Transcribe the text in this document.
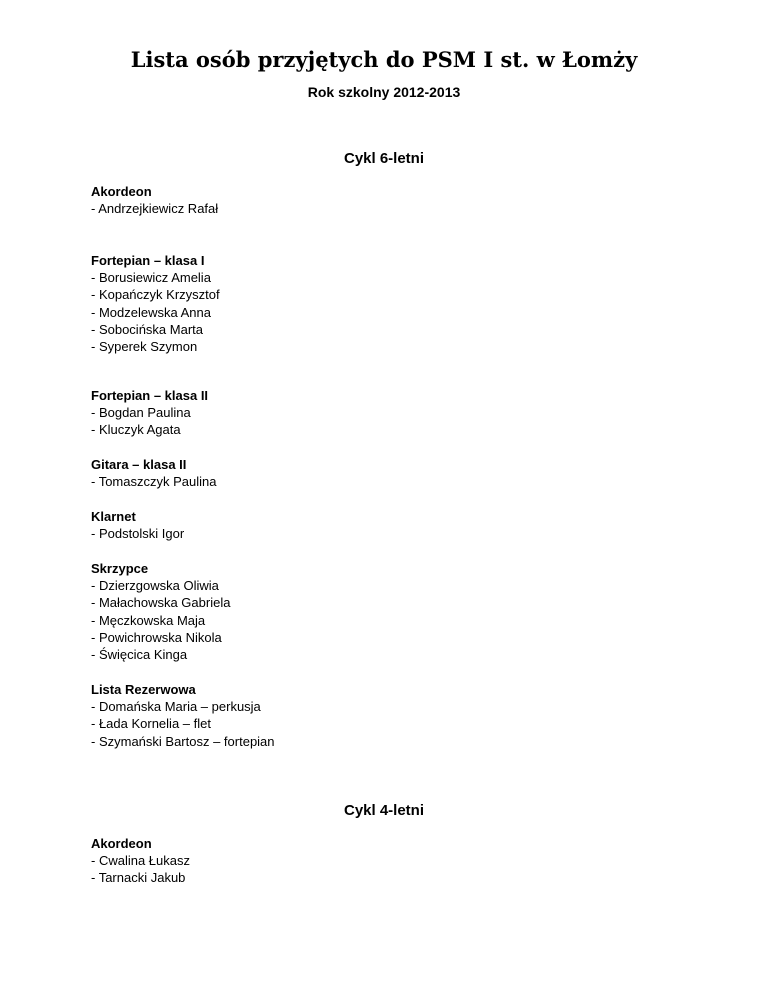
Lista osób przyjętych do PSM I st. w Łomży
Rok szkolny 2012-2013
Cykl 6-letni
Akordeon
- Andrzejkiewicz Rafał
Fortepian – klasa I
- Borusiewicz Amelia
- Kopańczyk Krzysztof
- Modzelewska Anna
- Sobocińska Marta
- Syperek Szymon
Fortepian – klasa II
- Bogdan Paulina
- Kluczyk Agata
Gitara – klasa II
- Tomaszczyk Paulina
Klarnet
- Podstolski Igor
Skrzypce
- Dzierzgowska Oliwia
- Małachowska Gabriela
- Męczkowska Maja
- Powichrowska Nikola
- Święcica Kinga
Lista Rezerwowa
- Domańska Maria – perkusja
- Łada Kornelia – flet
- Szymański Bartosz – fortepian
Cykl 4-letni
Akordeon
- Cwalina Łukasz
- Tarnacki Jakub
